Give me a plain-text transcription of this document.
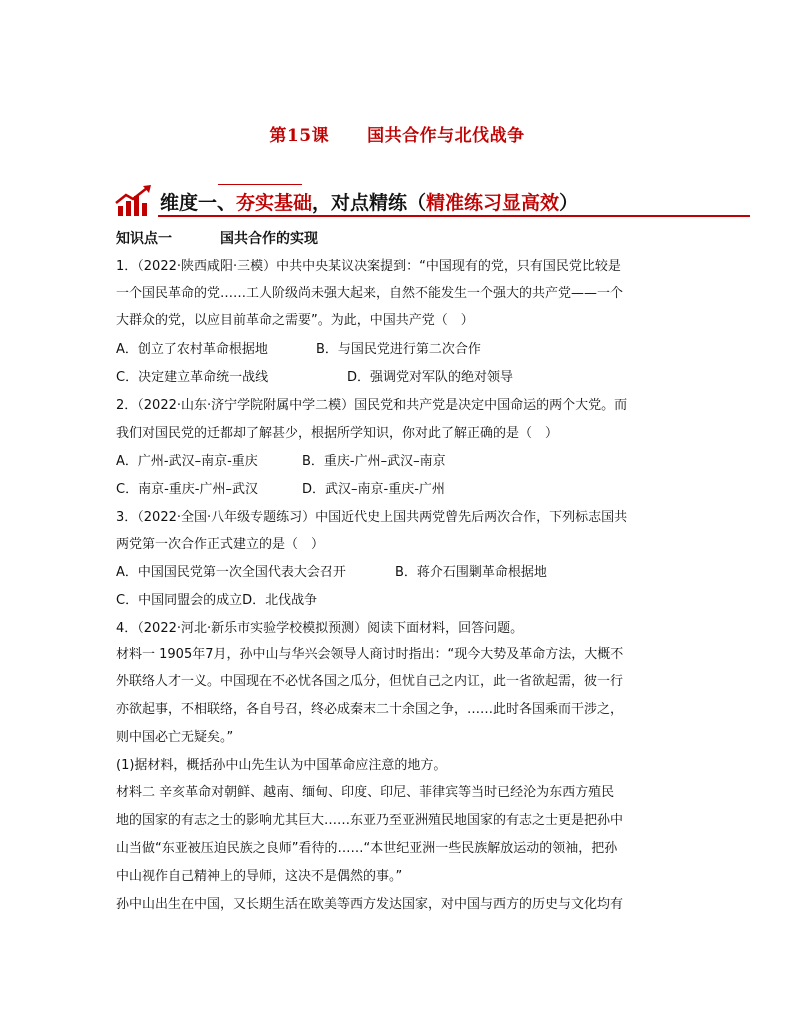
第15课 国共合作与北伐战争
维度一、夯实基础，对点精练（精准练习显高效）
知识点一	国共合作的实现
1．（2022·陕西咸阳·三模）中共中央某议决案提到：“中国现有的党，只有国民党比较是
一个国民革命的党……工人阶级尚未强大起来，自然不能发生一个强大的共产党——一个
大群众的党，以应目前革命之需要”。为此，中国共产党（　）
A．创立了农村革命根据地	B．与国民党进行第二次合作
C．决定建立革命统一战线	D．强调党对军队的绝对领导
2．（2022·山东·济宁学院附属中学二模）国民党和共产党是决定中国命运的两个大党。而
我们对国民党的迁都却了解甚少，根据所学知识，你对此了解正确的是（　）
A．广州-武汉–南京-重庆	B．重庆-广州–武汉–南京
C．南京-重庆-广州–武汉	D．武汉–南京-重庆-广州
3．（2022·全国·八年级专题练习）中国近代史上国共两党曾先后两次合作，下列标志国共
两党第一次合作正式建立的是（　）
A．中国国民党第一次全国代表大会召开	B．蒋介石围剿革命根据地
C．中国同盟会的成立D．北伐战争
4．（2022·河北·新乐市实验学校模拟预测）阅读下面材料，回答问题。
材料一 1905年7月，孙中山与华兴会领导人商讨时指出：“现今大势及革命方法，大概不
外联络人才一义。中国现在不必忧各国之瓜分，但忧自己之内讧，此一省欲起需，彼一行
亦欲起事，不相联络，各自号召，终必成秦末二十余国之争，……此时各国乘而干涉之，
则中国必亡无疑矣。”
(1)据材料，概括孙中山先生认为中国革命应注意的地方。
材料二 辛亥革命对朝鲜、越南、缅甸、印度、印尼、菲律宾等当时已经沦为东西方殖民
地的国家的有志之士的影响尤其巨大……东亚乃至亚洲殖民地国家的有志之士更是把孙中
山当做“东亚被压迫民族之良师”看待的……“本世纪亚洲一些民族解放运动的领袖，把孙
中山视作自己精神上的导师，这决不是偶然的事。”
孙中山出生在中国，又长期生活在欧美等西方发达国家，对中国与西方的历史与文化均有
